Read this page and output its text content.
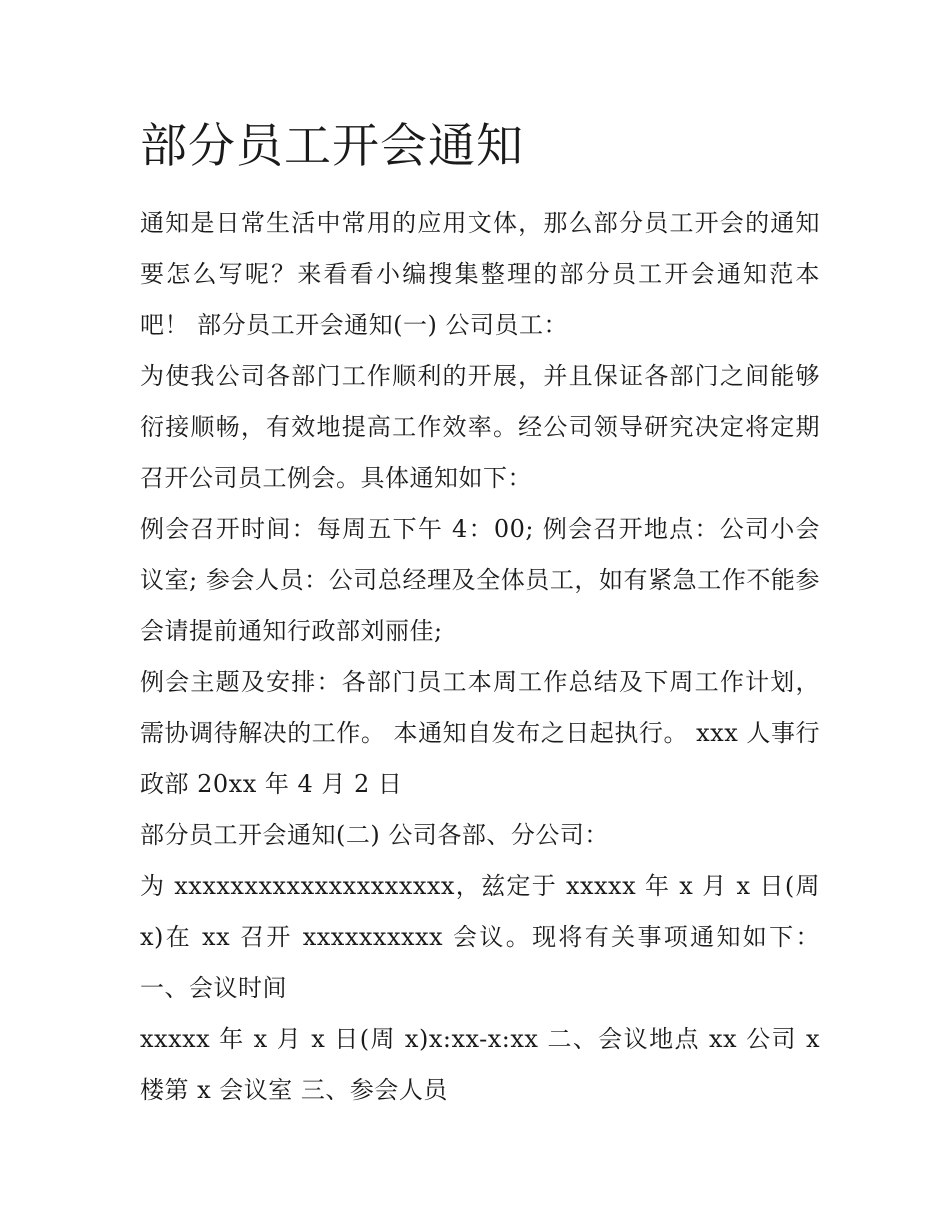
部分员工开会通知

通知是日常生活中常用的应用文体，那么部分员工开会的通知要怎么写呢？来看看小编搜集整理的部分员工开会通知范本吧！ 部分员工开会通知(一) 公司员工：

为使我公司各部门工作顺利的开展，并且保证各部门之间能够衍接顺畅，有效地提高工作效率。经公司领导研究决定将定期召开公司员工例会。具体通知如下：

例会召开时间：每周五下午 4：00; 例会召开地点：公司小会议室; 参会人员：公司总经理及全体员工，如有紧急工作不能参会请提前通知行政部刘丽佳;

例会主题及安排：各部门员工本周工作总结及下周工作计划，需协调待解决的工作。 本通知自发布之日起执行。 xxx 人事行政部 20xx 年 4 月 2 日

部分员工开会通知(二) 公司各部、分公司：

为 xxxxxxxxxxxxxxxxxxxx，兹定于 xxxxx 年 x 月 x 日(周 x)在 xx 召开 xxxxxxxxxx 会议。现将有关事项通知如下： 一、会议时间

xxxxx 年 x 月 x 日(周 x)x:xx-x:xx 二、会议地点 xx 公司 x 楼第 x 会议室 三、参会人员
